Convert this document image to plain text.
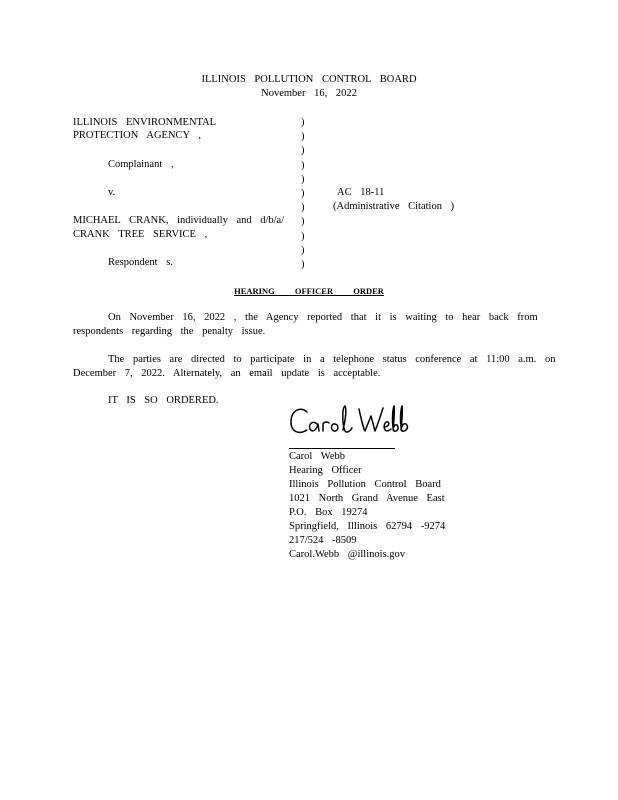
ILLINOIS POLLUTION CONTROL BOARD
November 16, 2022
ILLINOIS ENVIRONMENTAL
PROTECTION AGENCY ,
Complainant ,
v.
MICHAEL CRANK, individually and d/b/a/
CRANK TREE SERVICE ,
Respondent s.
)
)
)
)
)
)
)
)
)
)
)
AC 18-11
(Administrative Citation )
HEARING OFFICER ORDER
On November 16, 2022 , the Agency reported that it is waiting to hear back from
respondents regarding the penalty issue.
The parties are directed to participate in a telephone status conference at 11:00 a.m. on
December 7, 2022. Alternately, an email update is acceptable.
IT IS SO ORDERED.
Carol Webb
Hearing Officer
Illinois Pollution Control Board
1021 North Grand Avenue East
P.O. Box 19274
Springfield, Illinois 62794 -9274
217/524 -8509
Carol.Webb @illinois.gov
